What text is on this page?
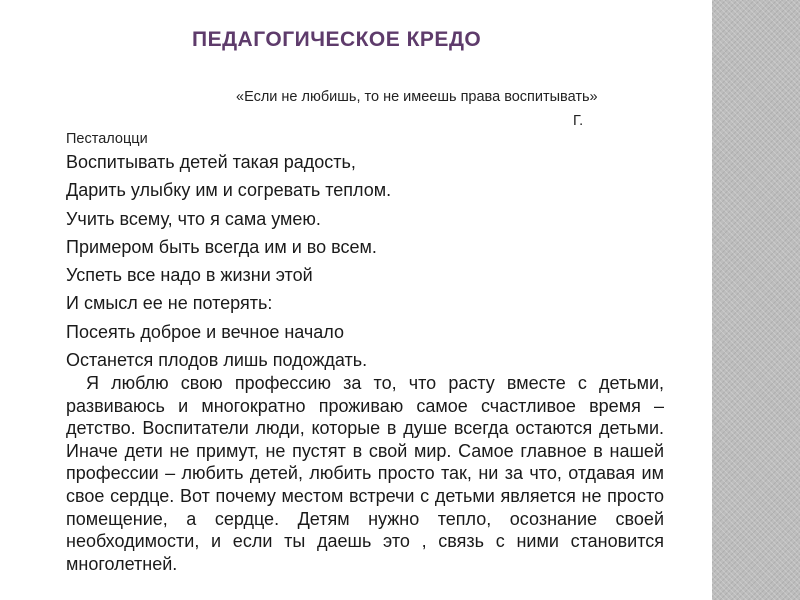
ПЕДАГОГИЧЕСКОЕ КРЕДО
«Если не любишь, то не имеешь права воспитывать»
Г.
Песталоцци
Воспитывать детей такая радость,
Дарить улыбку им и согревать теплом.
Учить всему, что я сама умею.
Примером быть всегда им и во всем.
Успеть все надо в жизни этой
И смысл ее не потерять:
Посеять доброе и вечное начало
Останется плодов лишь подождать.

Я люблю свою профессию за то, что расту вместе с детьми, развиваюсь и многократно проживаю самое счастливое время – детство. Воспитатели люди, которые в душе всегда остаются детьми. Иначе дети не примут, не пустят в свой мир. Самое главное в нашей профессии – любить детей, любить просто так, ни за что, отдавая им свое сердце. Вот почему местом встречи с детьми является не просто помещение, а сердце. Детям нужно тепло, осознание своей необходимости, и если ты даешь это , связь с ними становится многолетней.
